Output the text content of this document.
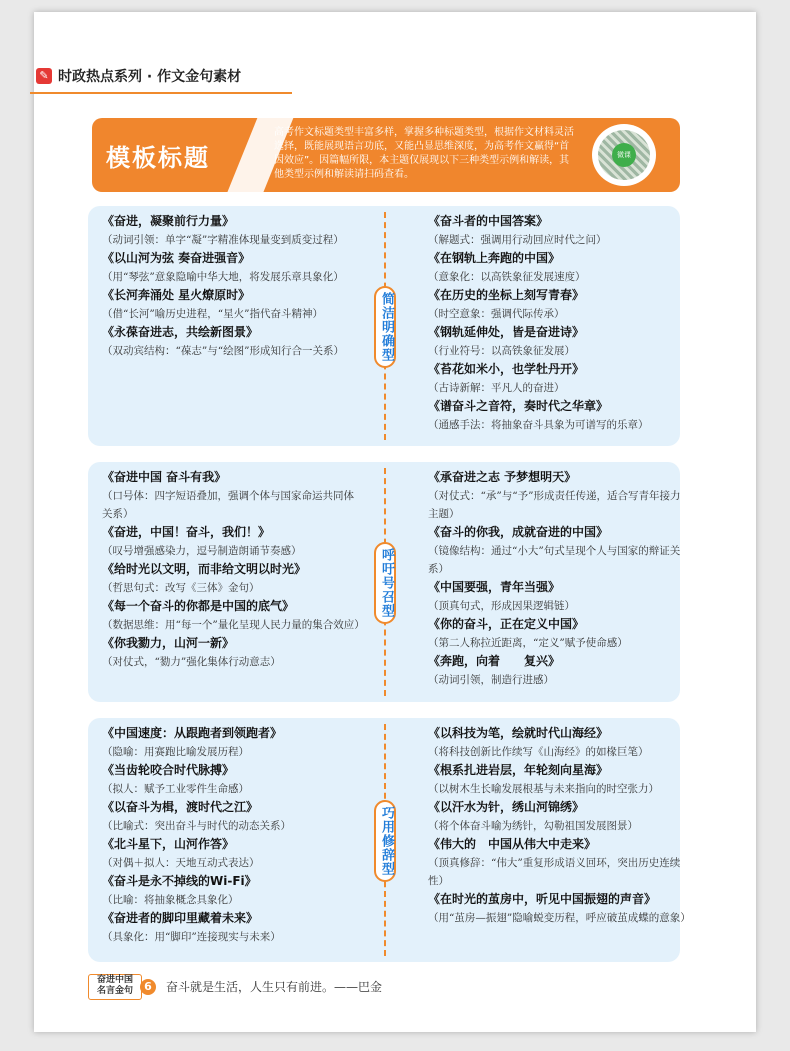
✎ 时政热点系列 · 作文金句素材
模板标题
高考作文标题类型丰富多样，掌握多种标题类型，根据作文材料灵活选择，既能展现语言功底，又能凸显思维深度，为高考作文赢得“首因效应”。因篇幅所限，本主题仅展现以下三种类型示例和解读，其他类型示例和解读请扫码查看。
微课
《奋进，凝聚前行力量》
（动词引领：单字“凝”字精准体现量变到质变过程）
《以山河为弦 奏奋进强音》
（用“琴弦”意象隐喻中华大地，将发展乐章具象化）
《长河奔涌处 星火燎原时》
（借“长河”喻历史进程，“星火”指代奋斗精神）
《永葆奋进志，共绘新图景》
（双动宾结构：“葆志”与“绘图”形成知行合一关系）	简洁明确型
《奋斗者的中国答案》
（解题式：强调用行动回应时代之问）
《在钢轨上奔跑的中国》
（意象化：以高铁象征发展速度）
《在历史的坐标上刻写青春》
（时空意象：强调代际传承）
《钢轨延伸处，皆是奋进诗》
（行业符号：以高铁象征发展）
《苔花如米小，也学牡丹开》
（古诗新解：平凡人的奋进）
《谱奋斗之音符，奏时代之华章》
（通感手法：将抽象奋斗具象为可谱写的乐章）
《奋进中国 奋斗有我》
（口号体：四字短语叠加，强调个体与国家命运共同体关系）
《奋进，中国！奋斗，我们！》
（叹号增强感染力，逗号制造朗诵节奏感）
《给时光以文明，而非给文明以时光》
（哲思句式：改写《三体》金句）
《每一个奋斗的你都是中国的底气》
（数据思维：用“每一个”量化呈现人民力量的集合效应）
《你我勠力，山河一新》
（对仗式，“勠力”强化集体行动意志）
呼吁号召型
《承奋进之志 予梦想明天》
（对仗式：“承”与“予”形成责任传递，适合写青年接力主题）
《奋斗的你我，成就奋进的中国》
（镜像结构：通过“小大”句式呈现个人与国家的辩证关系）
《中国要强，青年当强》
（顶真句式，形成因果逻辑链）
《你的奋斗，正在定义中国》
（第二人称拉近距离，“定义”赋予使命感）
《奔跑，向着　　复兴》
（动词引领，制造行进感）
《中国速度：从跟跑者到领跑者》
（隐喻：用赛跑比喻发展历程）
《当齿轮咬合时代脉搏》
（拟人：赋予工业零件生命感）
《以奋斗为楫，渡时代之江》
（比喻式：突出奋斗与时代的动态关系）
《北斗星下，山河作答》
（对偶＋拟人：天地互动式表达）
《奋斗是永不掉线的Wi-Fi》
（比喻：将抽象概念具象化）
《奋进者的脚印里藏着未来》
（具象化：用“脚印”连接现实与未来）
巧用修辞型
《以科技为笔，绘就时代山海经》
（将科技创新比作续写《山海经》的如椽巨笔）
《根系扎进岩层，年轮刻向星海》
（以树木生长喻发展根基与未来指向的时空张力）
《以汗水为针，绣山河锦绣》
（将个体奋斗喻为绣针，勾勒祖国发展图景）
《伟大的　中国从伟大中走来》
（顶真修辞：“伟大”重复形成语义回环，突出历史连续性）
《在时光的茧房中，听见中国振翅的声音》
（用“茧房—振翅”隐喻蜕变历程，呼应破茧成蝶的意象）
奋进中国
名言金句	6	奋斗就是生活，人生只有前进。——巴金
